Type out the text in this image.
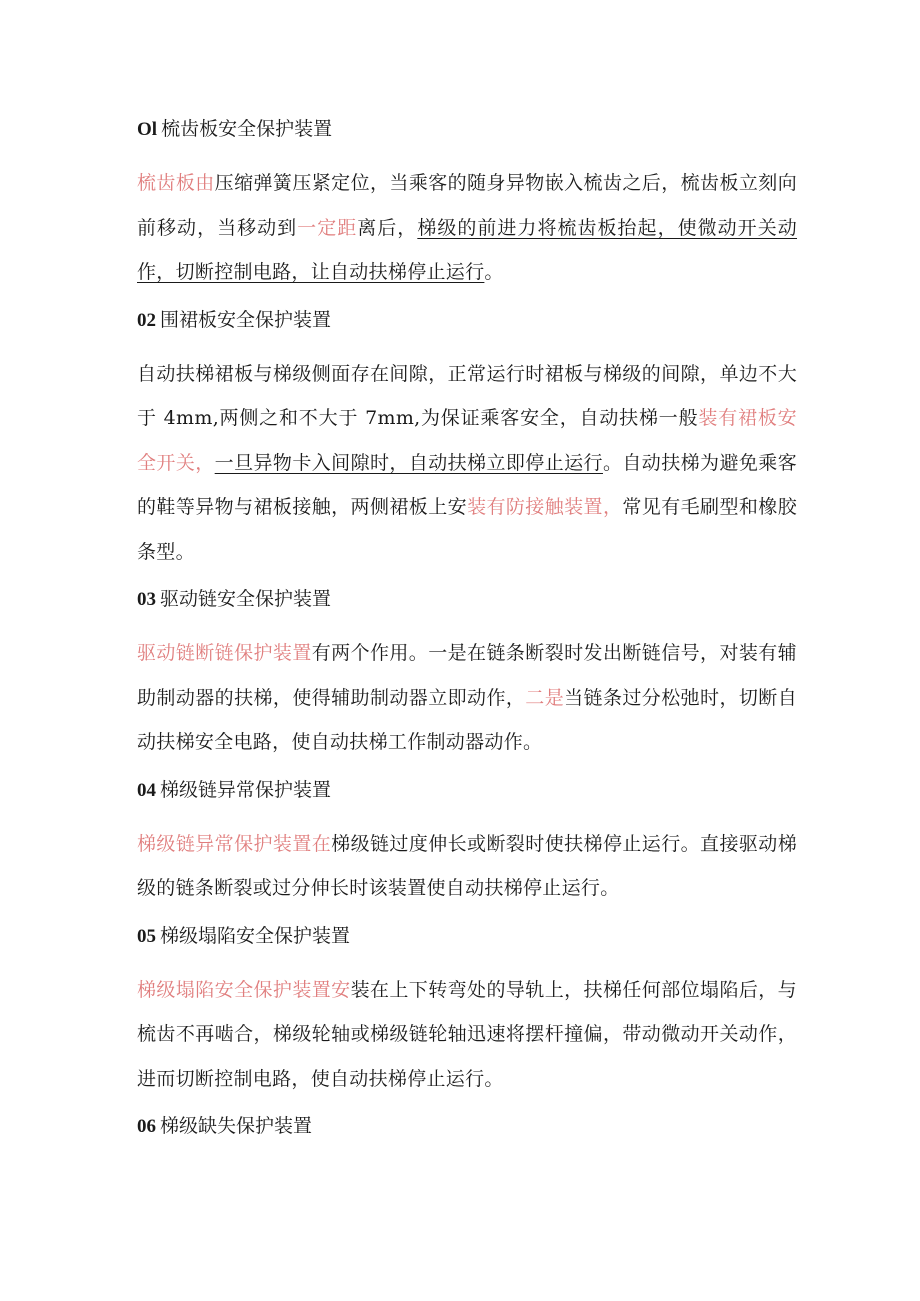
Ol 梳齿板安全保护装置
梳齿板由压缩弹簧压紧定位，当乘客的随身异物嵌入梳齿之后，梳齿板立刻向前移动，当移动到一定距离后，梯级的前进力将梳齿板抬起，使微动开关动作，切断控制电路，让自动扶梯停止运行。
02 围裙板安全保护装置
自动扶梯裙板与梯级侧面存在间隙，正常运行时裙板与梯级的间隙，单边不大于 4mm,两侧之和不大于 7mm,为保证乘客安全，自动扶梯一般装有裙板安全开关，一旦异物卡入间隙时，自动扶梯立即停止运行。自动扶梯为避免乘客的鞋等异物与裙板接触，两侧裙板上安装有防接触装置，常见有毛刷型和橡胶条型。
03 驱动链安全保护装置
驱动链断链保护装置有两个作用。一是在链条断裂时发出断链信号，对装有辅助制动器的扶梯，使得辅助制动器立即动作，二是当链条过分松弛时，切断自动扶梯安全电路，使自动扶梯工作制动器动作。
04 梯级链异常保护装置
梯级链异常保护装置在梯级链过度伸长或断裂时使扶梯停止运行。直接驱动梯级的链条断裂或过分伸长时该装置使自动扶梯停止运行。
05 梯级塌陷安全保护装置
梯级塌陷安全保护装置安装在上下转弯处的导轨上，扶梯任何部位塌陷后，与梳齿不再啮合，梯级轮轴或梯级链轮轴迅速将摆杆撞偏，带动微动开关动作，进而切断控制电路，使自动扶梯停止运行。
06 梯级缺失保护装置
